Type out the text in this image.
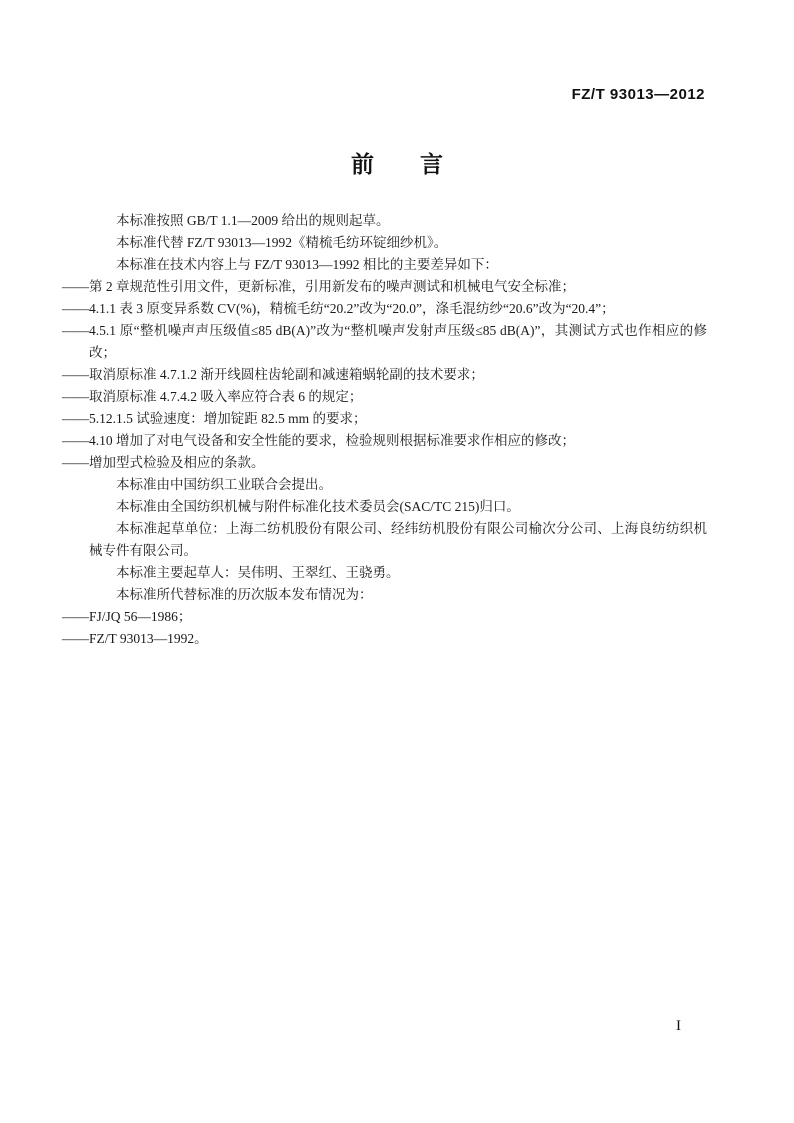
FZ/T 93013—2012
前　　言

本标准按照 GB/T 1.1—2009 给出的规则起草。

本标准代替 FZ/T 93013—1992《精梳毛纺环锭细纱机》。

本标准在技术内容上与 FZ/T 93013—1992 相比的主要差异如下：

——第 2 章规范性引用文件，更新标准，引用新发布的噪声测试和机械电气安全标准；

——4.1.1 表 3 原变异系数 CV(%)，精梳毛纺“20.2”改为“20.0”，涤毛混纺纱“20.6”改为“20.4”；

——4.5.1 原“整机噪声声压级值≤85 dB(A)”改为“整机噪声发射声压级≤85 dB(A)”，其测试方式也作相应的修改；

——取消原标准 4.7.1.2 渐开线圆柱齿轮副和减速箱蜗轮副的技术要求；

——取消原标准 4.7.4.2 吸入率应符合表 6 的规定；

——5.12.1.5 试验速度：增加锭距 82.5 mm 的要求；

——4.10 增加了对电气设备和安全性能的要求，检验规则根据标准要求作相应的修改；

——增加型式检验及相应的条款。

本标准由中国纺织工业联合会提出。

本标准由全国纺织机械与附件标准化技术委员会(SAC/TC 215)归口。

本标准起草单位：上海二纺机股份有限公司、经纬纺机股份有限公司榆次分公司、上海良纺纺织机械专件有限公司。

本标准主要起草人：吴伟明、王翠红、王骁勇。

本标准所代替标准的历次版本发布情况为：

——FJ/JQ 56—1986；

——FZ/T 93013—1992。

I
